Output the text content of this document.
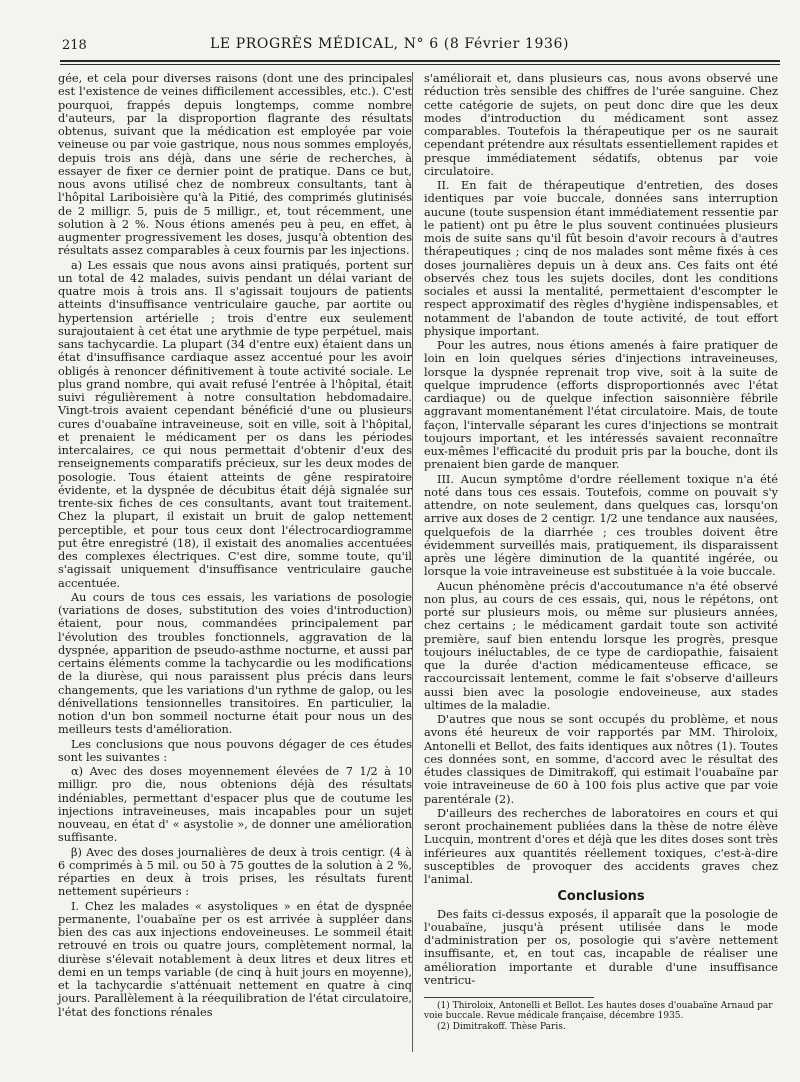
218	LE PROGRÈS MÉDICAL, N° 6 (8 Février 1936)

gée, et cela pour diverses raisons (dont une des principales est l'existence de veines difficilement accessibles, etc.). C'est pourquoi, frappés depuis longtemps, comme nombre d'auteurs, par la disproportion flagrante des résultats obtenus, suivant que la médication est employée par voie veineuse ou par voie gastrique, nous nous sommes employés, depuis trois ans déjà, dans une série de recherches, à essayer de fixer ce dernier point de pratique. Dans ce but, nous avons utilisé chez de nombreux consultants, tant à l'hôpital Lariboisière qu'à la Pitié, des comprimés glutinisés de 2 milligr. 5, puis de 5 milligr., et, tout récemment, une solution à 2 %. Nous étions amenés peu à peu, en effet, à augmenter progressivement les doses, jusqu'à obtention des résultats assez comparables à ceux fournis par les injections.

a) Les essais que nous avons ainsi pratiqués, portent sur un total de 42 malades, suivis pendant un délai variant de quatre mois à trois ans. Il s'agissait toujours de patients atteints d'insuffisance ventriculaire gauche, par aortite ou hypertension artérielle ; trois d'entre eux seulement surajoutaient à cet état une arythmie de type perpétuel, mais sans tachycardie. La plupart (34 d'entre eux) étaient dans un état d'insuffisance cardiaque assez accentué pour les avoir obligés à renoncer définitivement à toute activité sociale. Le plus grand nombre, qui avait refusé l'entrée à l'hôpital, était suivi régulièrement à notre consultation hebdomadaire. Vingt-trois avaient cependant bénéficié d'une ou plusieurs cures d'ouabaïne intraveineuse, soit en ville, soit à l'hôpital, et prenaient le médicament per os dans les périodes intercalaires, ce qui nous permettait d'obtenir d'eux des renseignements comparatifs précieux, sur les deux modes de posologie. Tous étaient atteints de gêne respiratoire évidente, et la dyspnée de décubitus était déjà signalée sur trente-six fiches de ces consultants, avant tout traitement. Chez la plupart, il existait un bruit de galop nettement perceptible, et pour tous ceux dont l'électrocardiogramme put être enregistré (18), il existait des anomalies accentuées des complexes électriques. C'est dire, somme toute, qu'il s'agissait uniquement d'insuffisance ventriculaire gauche accentuée.

Au cours de tous ces essais, les variations de posologie (variations de doses, substitution des voies d'introduction) étaient, pour nous, commandées principalement par l'évolution des troubles fonctionnels, aggravation de la dyspnée, apparition de pseudo-asthme nocturne, et aussi par certains éléments comme la tachycardie ou les modifications de la diurèse, qui nous paraissent plus précis dans leurs changements, que les variations d'un rythme de galop, ou les dénivellations tensionnelles transitoires. En particulier, la notion d'un bon sommeil nocturne était pour nous un des meilleurs tests d'amélioration.

Les conclusions que nous pouvons dégager de ces études sont les suivantes :

α) Avec des doses moyennement élevées de 7 1/2 à 10 milligr. pro die, nous obtenions déjà des résultats indéniables, permettant d'espacer plus que de coutume les injections intraveineuses, mais incapables pour un sujet nouveau, en état d' « asystolie », de donner une amélioration suffisante.

β) Avec des doses journalières de deux à trois centigr. (4 à 6 comprimés à 5 mil. ou 50 à 75 gouttes de la solution à 2 %, réparties en deux à trois prises, les résultats furent nettement supérieurs :

I. Chez les malades « asystoliques » en état de dyspnée permanente, l'ouabaïne per os est arrivée à suppléer dans bien des cas aux injections endoveineuses. Le sommeil était retrouvé en trois ou quatre jours, complètement normal, la diurèse s'élevait notablement à deux litres et deux litres et demi en un temps variable (de cinq à huit jours en moyenne), et la tachycardie s'atténuait nettement en quatre à cinq jours. Parallèlement à la réequilibration de l'état circulatoire, l'état des fonctions rénales

s'améliorait et, dans plusieurs cas, nous avons observé une réduction très sensible des chiffres de l'urée sanguine. Chez cette catégorie de sujets, on peut donc dire que les deux modes d'introduction du médicament sont assez comparables. Toutefois la thérapeutique per os ne saurait cependant prétendre aux résultats essentiellement rapides et presque immédiatement sédatifs, obtenus par voie circulatoire.

II. En fait de thérapeutique d'entretien, des doses identiques par voie buccale, données sans interruption aucune (toute suspension étant immédiatement ressentie par le patient) ont pu être le plus souvent continuées plusieurs mois de suite sans qu'il fût besoin d'avoir recours à d'autres thérapeutiques ; cinq de nos malades sont même fixés à ces doses journalières depuis un à deux ans. Ces faits ont été observés chez tous les sujets dociles, dont les conditions sociales et aussi la mentalité, permettaient d'escompter le respect approximatif des règles d'hygiène indispensables, et notamment de l'abandon de toute activité, de tout effort physique important.

Pour les autres, nous étions amenés à faire pratiquer de loin en loin quelques séries d'injections intraveineuses, lorsque la dyspnée reprenait trop vive, soit à la suite de quelque imprudence (efforts disproportionnés avec l'état cardiaque) ou de quelque infection saisonnière fébrile aggravant momentanément l'état circulatoire. Mais, de toute façon, l'intervalle séparant les cures d'injections se montrait toujours important, et les intéressés savaient reconnaître eux-mêmes l'efficacité du produit pris par la bouche, dont ils prenaient bien garde de manquer.

III. Aucun symptôme d'ordre réellement toxique n'a été noté dans tous ces essais. Toutefois, comme on pouvait s'y attendre, on note seulement, dans quelques cas, lorsqu'on arrive aux doses de 2 centigr. 1/2 une tendance aux nausées, quelquefois de la diarrhée ; ces troubles doivent être évidemment surveillés mais, pratiquement, ils disparaissent après une légère diminution de la quantité ingérée, ou lorsque la voie intraveineuse est substituée à la voie buccale.

Aucun phénomène précis d'accoutumance n'a été observé non plus, au cours de ces essais, qui, nous le répétons, ont porté sur plusieurs mois, ou même sur plusieurs années, chez certains ; le médicament gardait toute son activité première, sauf bien entendu lorsque les progrès, presque toujours inéluctables, de ce type de cardiopathie, faisaient que la durée d'action médicamenteuse efficace, se raccourcissait lentement, comme le fait s'observe d'ailleurs aussi bien avec la posologie endoveineuse, aux stades ultimes de la maladie.

D'autres que nous se sont occupés du problème, et nous avons été heureux de voir rapportés par MM. Thiroloix, Antonelli et Bellot, des faits identiques aux nôtres (1). Toutes ces données sont, en somme, d'accord avec le résultat des études classiques de Dimitrakoff, qui estimait l'ouabaïne par voie intraveineuse de 60 à 100 fois plus active que par voie parentérale (2).

D'ailleurs des recherches de laboratoires en cours et qui seront prochainement publiées dans la thèse de notre élève Lucquin, montrent d'ores et déjà que les dites doses sont très inférieures aux quantités réellement toxiques, c'est-à-dire susceptibles de provoquer des accidents graves chez l'animal.

Conclusions

Des faits ci-dessus exposés, il apparaît que la posologie de l'ouabaïne, jusqu'à présent utilisée dans le mode d'administration per os, posologie qui s'avère nettement insuffisante, et, en tout cas, incapable de réaliser une amélioration importante et durable d'une insuffisance ventricu-

(1) Thiroloix, Antonelli et Bellot. Les hautes doses d'ouabaïne Arnaud par voie buccale. Revue médicale française, décembre 1935.

(2) Dimitrakoff. Thèse Paris.
